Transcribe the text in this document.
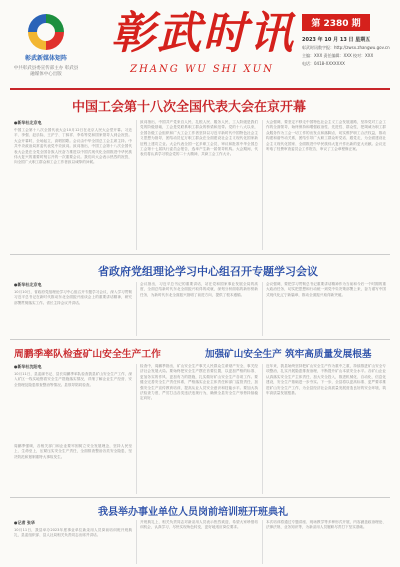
彰武新媒体矩阵
中共彰武县委宣传部主办 彰武县融媒体中心出版
彰武时讯
ZHANG WU SHI XUN
第 2380 期
2023 年 10 月 13 日 星期五
彰武时讯数字报：http://zwsx.zhangwu.gov.cn
主编：XXX 责任编辑：XXX 校对：XXX
电话：0418-XXXXXXX
中国工会第十八次全国代表大会在京开幕
●新华社北京电
中国工会第十八次全国代表大会10月12日在北京人民大会堂开幕。习近平、李强、赵乐际、王沪宁、丁薛祥、李希等党和国家领导人到会祝贺。大会开幕时，全场起立，高唱国歌。会议由中华全国总工会主席主持。中共中央政治局常委代表党中央致词。致词指出，中国工会第十八次全国代表大会是在全党全国各族人民奋力推进以中国式现代化全面推进中华民族伟大复兴的重要时刻召开的一次重要会议。我们向大会表示热烈的祝贺，向全国广大职工群众和工会工作者致以诚挚的问候。
致词指出，中国共产党来自人民、扎根人民、服务人民，工人阶级是我们党的阶级基础，工会是党联系职工群众的桥梁和纽带。党的十八大以来，全国各级工会组织和广大工会工作者坚持以习近平新时代中国特色社会主义思想为指导，团结动员亿万职工群众在全面建设社会主义现代化国家新征程上建功立业。大会代表全国一亿多职工会员，审议和批准中华全国总工会第十七届执行委员会报告，选举产生新一届领导机构。大会期间，代表们将认真学习领会党的二十大精神，共商工会工作大计。
大会强调，要坚定不移走中国特色社会主义工会发展道路，坚持党对工会工作的全面领导，始终保持和增强政治性、先进性、群众性，把竭诚为职工群众服务作为工会一切工作的出发点和落脚点，切实维护职工合法权益，推动构建和谐劳动关系，团结引导广大职工群众听党话、跟党走，为全面建设社会主义现代化国家、全面推进中华民族伟大复兴作出新的更大贡献。会议还听取了经费审查委员会工作报告，审议了工会章程修正案。
省政府党组理论学习中心组召开专题学习会议
●新华社北京电
10月10日，省政府党组理论学习中心组召开专题学习会议，深入学习贯彻习近平总书记在新时代推动东北全面振兴座谈会上的重要讲话精神，研究部署贯彻落实工作。省长主持会议并讲话。
会议指出，习近平总书记的重要讲话，站在党和国家事业发展全局的高度，全面总结新时代东北全面振兴取得的成就，深刻分析面临的新形势新任务，为新时代东北全面振兴指明了前进方向，提供了根本遵循。
会议强调，要把学习贯彻总书记重要讲话精神作为当前和今后一个时期的重大政治任务，切实把思想和行动统一到党中央决策部署上来，奋力谱写中国式现代化辽宁新篇章，推动全面振兴取得新突破。
周鹏季率队检查矿山安全生产工作	加强矿山安全生产 筑牢高质量发展根基
●新华社沈阳电
10月11日，县委副书记、县长周鹏季率队检查我县矿山安全生产工作，深入矿区一线实地察看安全生产措施落实情况，详细了解企业生产经营、安全管理及隐患排查整治等情况。县领导陪同检查。
周鹏季强调，各相关部门和企业要牢固树立安全发展理念，坚持人民至上、生命至上，压紧压实安全生产责任，全面排查整治各类安全隐患，坚决防范和遏制重特大事故发生。
检查中，周鹏季指出，矿山安全生产事关人民群众生命财产安全，事关经济社会发展大局。要始终把安全生产摆在首要位置，以更加严格的标准、更加务实的作风、更加有力的措施，扎实做好矿山安全生产各项工作。要健全完善安全生产责任体系，严格落实企业主体责任和部门监管责任，加强安全生产宣传教育培训，提高从业人员安全意识和技能水平。要加大执法检查力度，严厉打击各类违法违规行为，确保全县安全生产形势持续稳定向好。
近年来，我县始终坚持把矿山安全生产作为重中之重，持续推进矿山安全专项整治，扎实开展隐患排查治理，不断提升矿山本质安全水平。各矿山企业认真落实安全生产主体责任，加大安全投入，推进机械化、自动化、信息化建设，安全生产基础进一步夯实。下一步，全县将以更高标准、更严要求推进矿山安全生产工作，为全县经济社会高质量发展营造良好的安全环境，筑牢高质量发展根基。
我县举办事业单位人员岗前培训班开班典礼
●记者 张华
10月11日，我县举办2023年度事业单位新录用人员岗前培训班开班典礼，县委组织部、县人社局相关负责同志出席并讲话。
开班典礼上，相关负责同志对新录用人员表示热烈欢迎，希望大家珍惜培训机会，认真学习，尽快实现角色转变，更好地适应岗位要求。
本次培训将通过专题讲座、现场教学等多种形式开展，内容涵盖政治理论、法律法规、业务知识等，为新录用人员履职尽责打下坚实基础。
